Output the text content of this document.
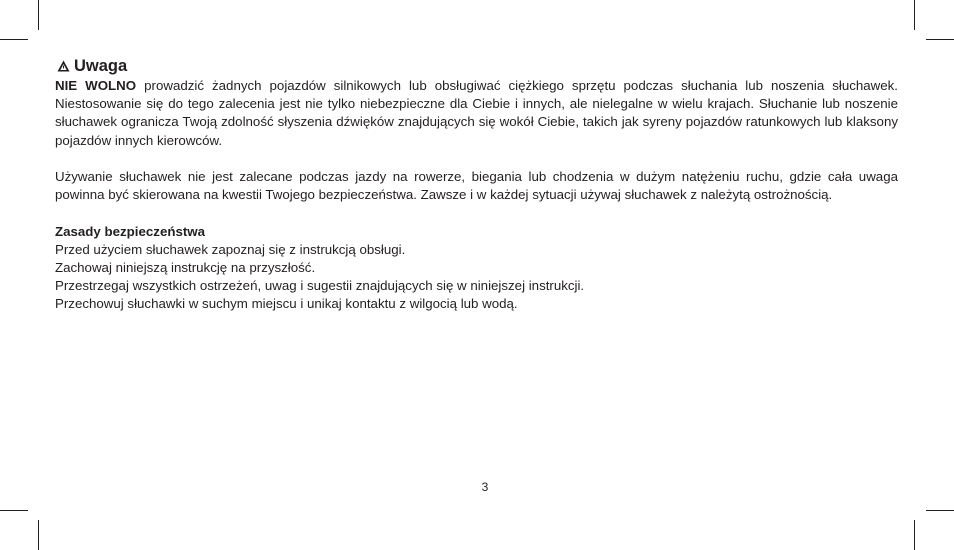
Uwaga

NIE WOLNO prowadzić żadnych pojazdów silnikowych lub obsługiwać ciężkiego sprzętu podczas słuchania lub noszenia słuchawek. Niestosowanie się do tego zalecenia jest nie tylko niebezpieczne dla Ciebie i innych, ale nielegalne w wielu krajach. Słuchanie lub noszenie słuchawek ogranicza Twoją zdolność słyszenia dźwięków znajdujących się wokół Ciebie, takich jak syreny pojazdów ratunkowych lub klaksony pojazdów innych kierowców.

Używanie słuchawek nie jest zalecane podczas jazdy na rowerze, biegania lub chodzenia w dużym natężeniu ruchu, gdzie cała uwaga powinna być skierowana na kwestii Twojego bezpieczeństwa. Zawsze i w każdej sytuacji używaj słuchawek z należytą ostrożnością.

Zasady bezpieczeństwa

Przed użyciem słuchawek zapoznaj się z instrukcją obsługi.

Zachowaj niniejszą instrukcję na przyszłość.

Przestrzegaj wszystkich ostrzeżeń, uwag i sugestii znajdujących się w niniejszej instrukcji.

Przechowuj słuchawki w suchym miejscu i unikaj kontaktu z wilgocią lub wodą.

3
